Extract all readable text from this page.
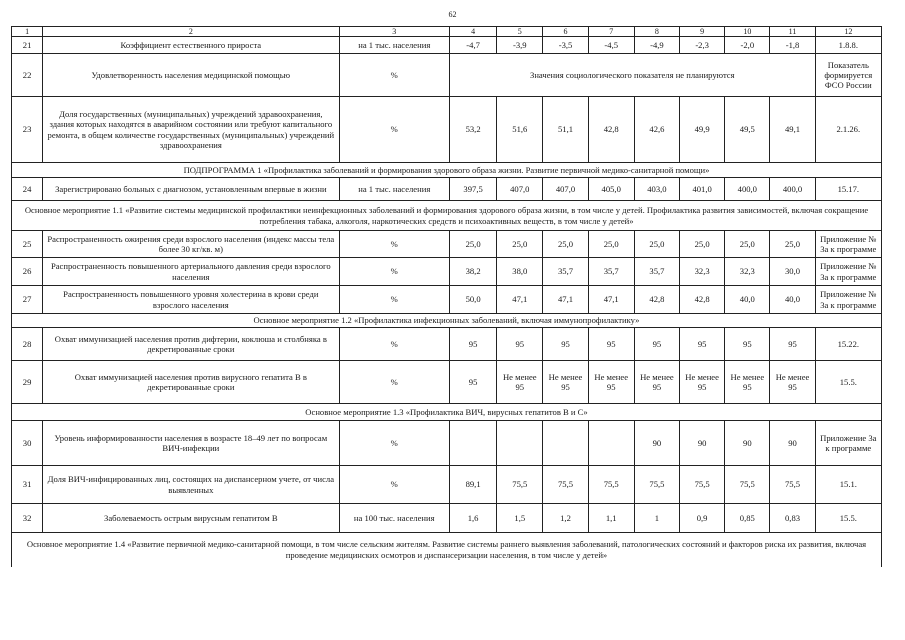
62
1	2	3	4	5	6	7	8	9	10	11	12
21	Коэффициент естественного прироста	на 1 тыс. населения	-4,7	-3,9	-3,5	-4,5	-4,9	-2,3	-2,0	-1,8	1.8.8.
22	Удовлетворенность населения медицинской помощью	%	Значения социологического показателя не планируются								Показатель формируется ФСО России
23	Доля государственных (муниципальных) учреждений здравоохранения, здания которых находятся в аварийном состоянии или требуют капитального ремонта, в общем количестве государственных (муниципальных) учреждений здравоохранения	%	53,2	51,6	51,1	42,8	42,6	49,9	49,5	49,1	2.1.26.
ПОДПРОГРАММА 1 «Профилактика заболеваний и формирования здорового образа жизни. Развитие первичной медико-санитарной помощи»											
24	Зарегистрировано больных с диагнозом, установленным впервые в жизни	на 1 тыс. населения	397,5	407,0	407,0	405,0	403,0	401,0	400,0	400,0	15.17.
Основное мероприятие 1.1 «Развитие системы медицинской профилактики неинфекционных заболеваний и формирования здорового образа жизни, в том числе у детей. Профилактика развития зависимостей, включая сокращение потребления табака, алкоголя, наркотических средств и психоактивных веществ, в том числе у детей»											
25	Распространенность ожирения среди взрослого населения (индекс массы тела более 30 кг/кв. м)	%	25,0	25,0	25,0	25,0	25,0	25,0	25,0	25,0	Приложение № 3а к программе
26	Распространенность повышенного артериального давления среди взрослого населения	%	38,2	38,0	35,7	35,7	35,7	32,3	32,3	30,0	Приложение № 3а к программе
27	Распространенность повышенного уровня холестерина в крови среди взрослого населения	%	50,0	47,1	47,1	47,1	42,8	42,8	40,0	40,0	Приложение № 3а к программе
Основное мероприятие 1.2 «Профилактика инфекционных заболеваний, включая иммунопрофилактику»											
28	Охват иммунизацией населения против дифтерии, коклюша и столбняка в декретированные сроки	%	95	95	95	95	95	95	95	95	15.22.
29	Охват иммунизацией населения против вирусного гепатита В в декретированные сроки	%	95	Не менее 95	Не менее 95	Не менее 95	Не менее 95	Не менее 95	Не менее 95	Не менее 95	15.5.
Основное мероприятие 1.3 «Профилактика ВИЧ, вирусных гепатитов В и С»											
30	Уровень информированности населения в возрасте 18–49 лет по вопросам ВИЧ-инфекции	%					90	90	90	90	Приложение 3а к программе
31	Доля ВИЧ-инфицированных лиц, состоящих на диспансерном учете, от числа выявленных	%	89,1	75,5	75,5	75,5	75,5	75,5	75,5	75,5	15.1.
32	Заболеваемость острым вирусным гепатитом В	на 100 тыс. населения	1,6	1,5	1,2	1,1	1	0,9	0,85	0,83	15.5.
Основное мероприятие 1.4 «Развитие первичной медико-санитарной помощи, в том числе сельским жителям. Развитие системы раннего выявления заболеваний, патологических состояний и факторов риска их развития, включая проведение медицинских осмотров и диспансеризации населения, в том числе у детей»											
